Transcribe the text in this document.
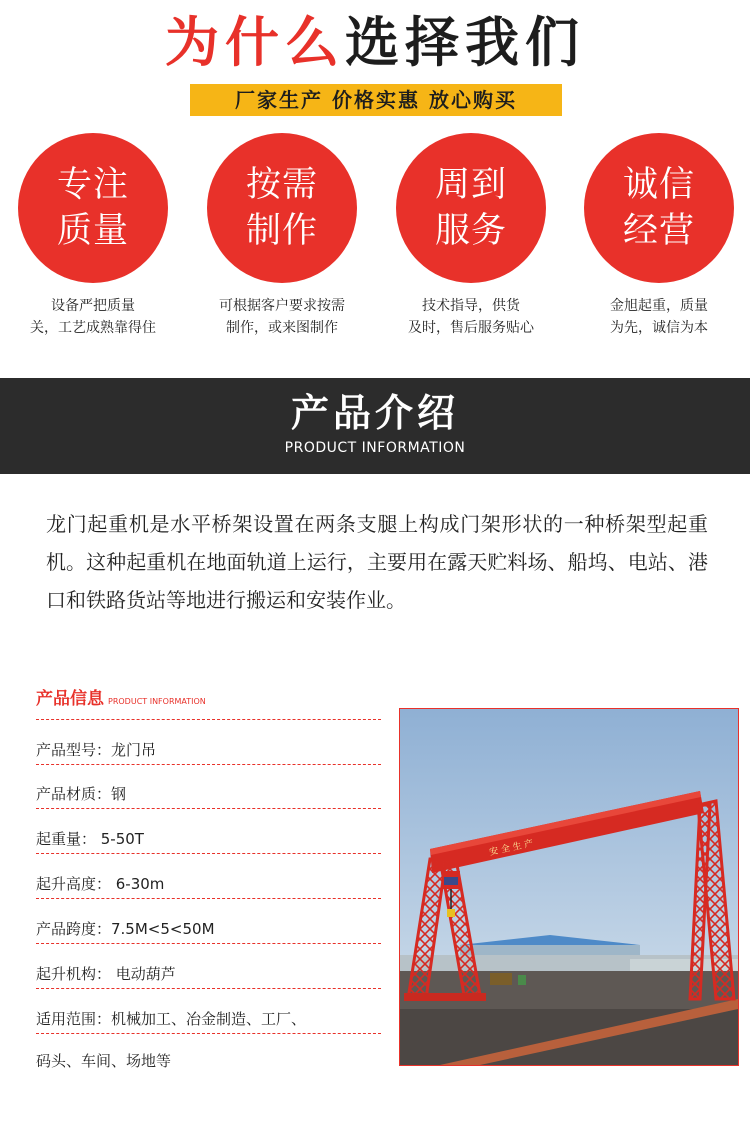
为什么选择我们
厂家生产 价格实惠 放心购买
专注
质量
设备严把质量
关，工艺成熟靠得住
按需
制作
可根据客户要求按需
制作，或来图制作
周到
服务
技术指导，供货
及时，售后服务贴心
诚信
经营
金旭起重，质量
为先，诚信为本
产品介绍
PRODUCT INFORMATION
龙门起重机是水平桥架设置在两条支腿上构成门架形状的一种桥架型起重机。这种起重机在地面轨道上运行，主要用在露天贮料场、船坞、电站、港口和铁路货站等地进行搬运和安装作业。
产品信息 PRODUCT INFORMATION
产品型号：龙门吊
产品材质：钢
起重量： 5-50T
起升高度： 6-30m
产品跨度：7.5M<5<50M
起升机构： 电动葫芦
适用范围：机械加工、冶金制造、工厂、
码头、车间、场地等
安 全 生 产
